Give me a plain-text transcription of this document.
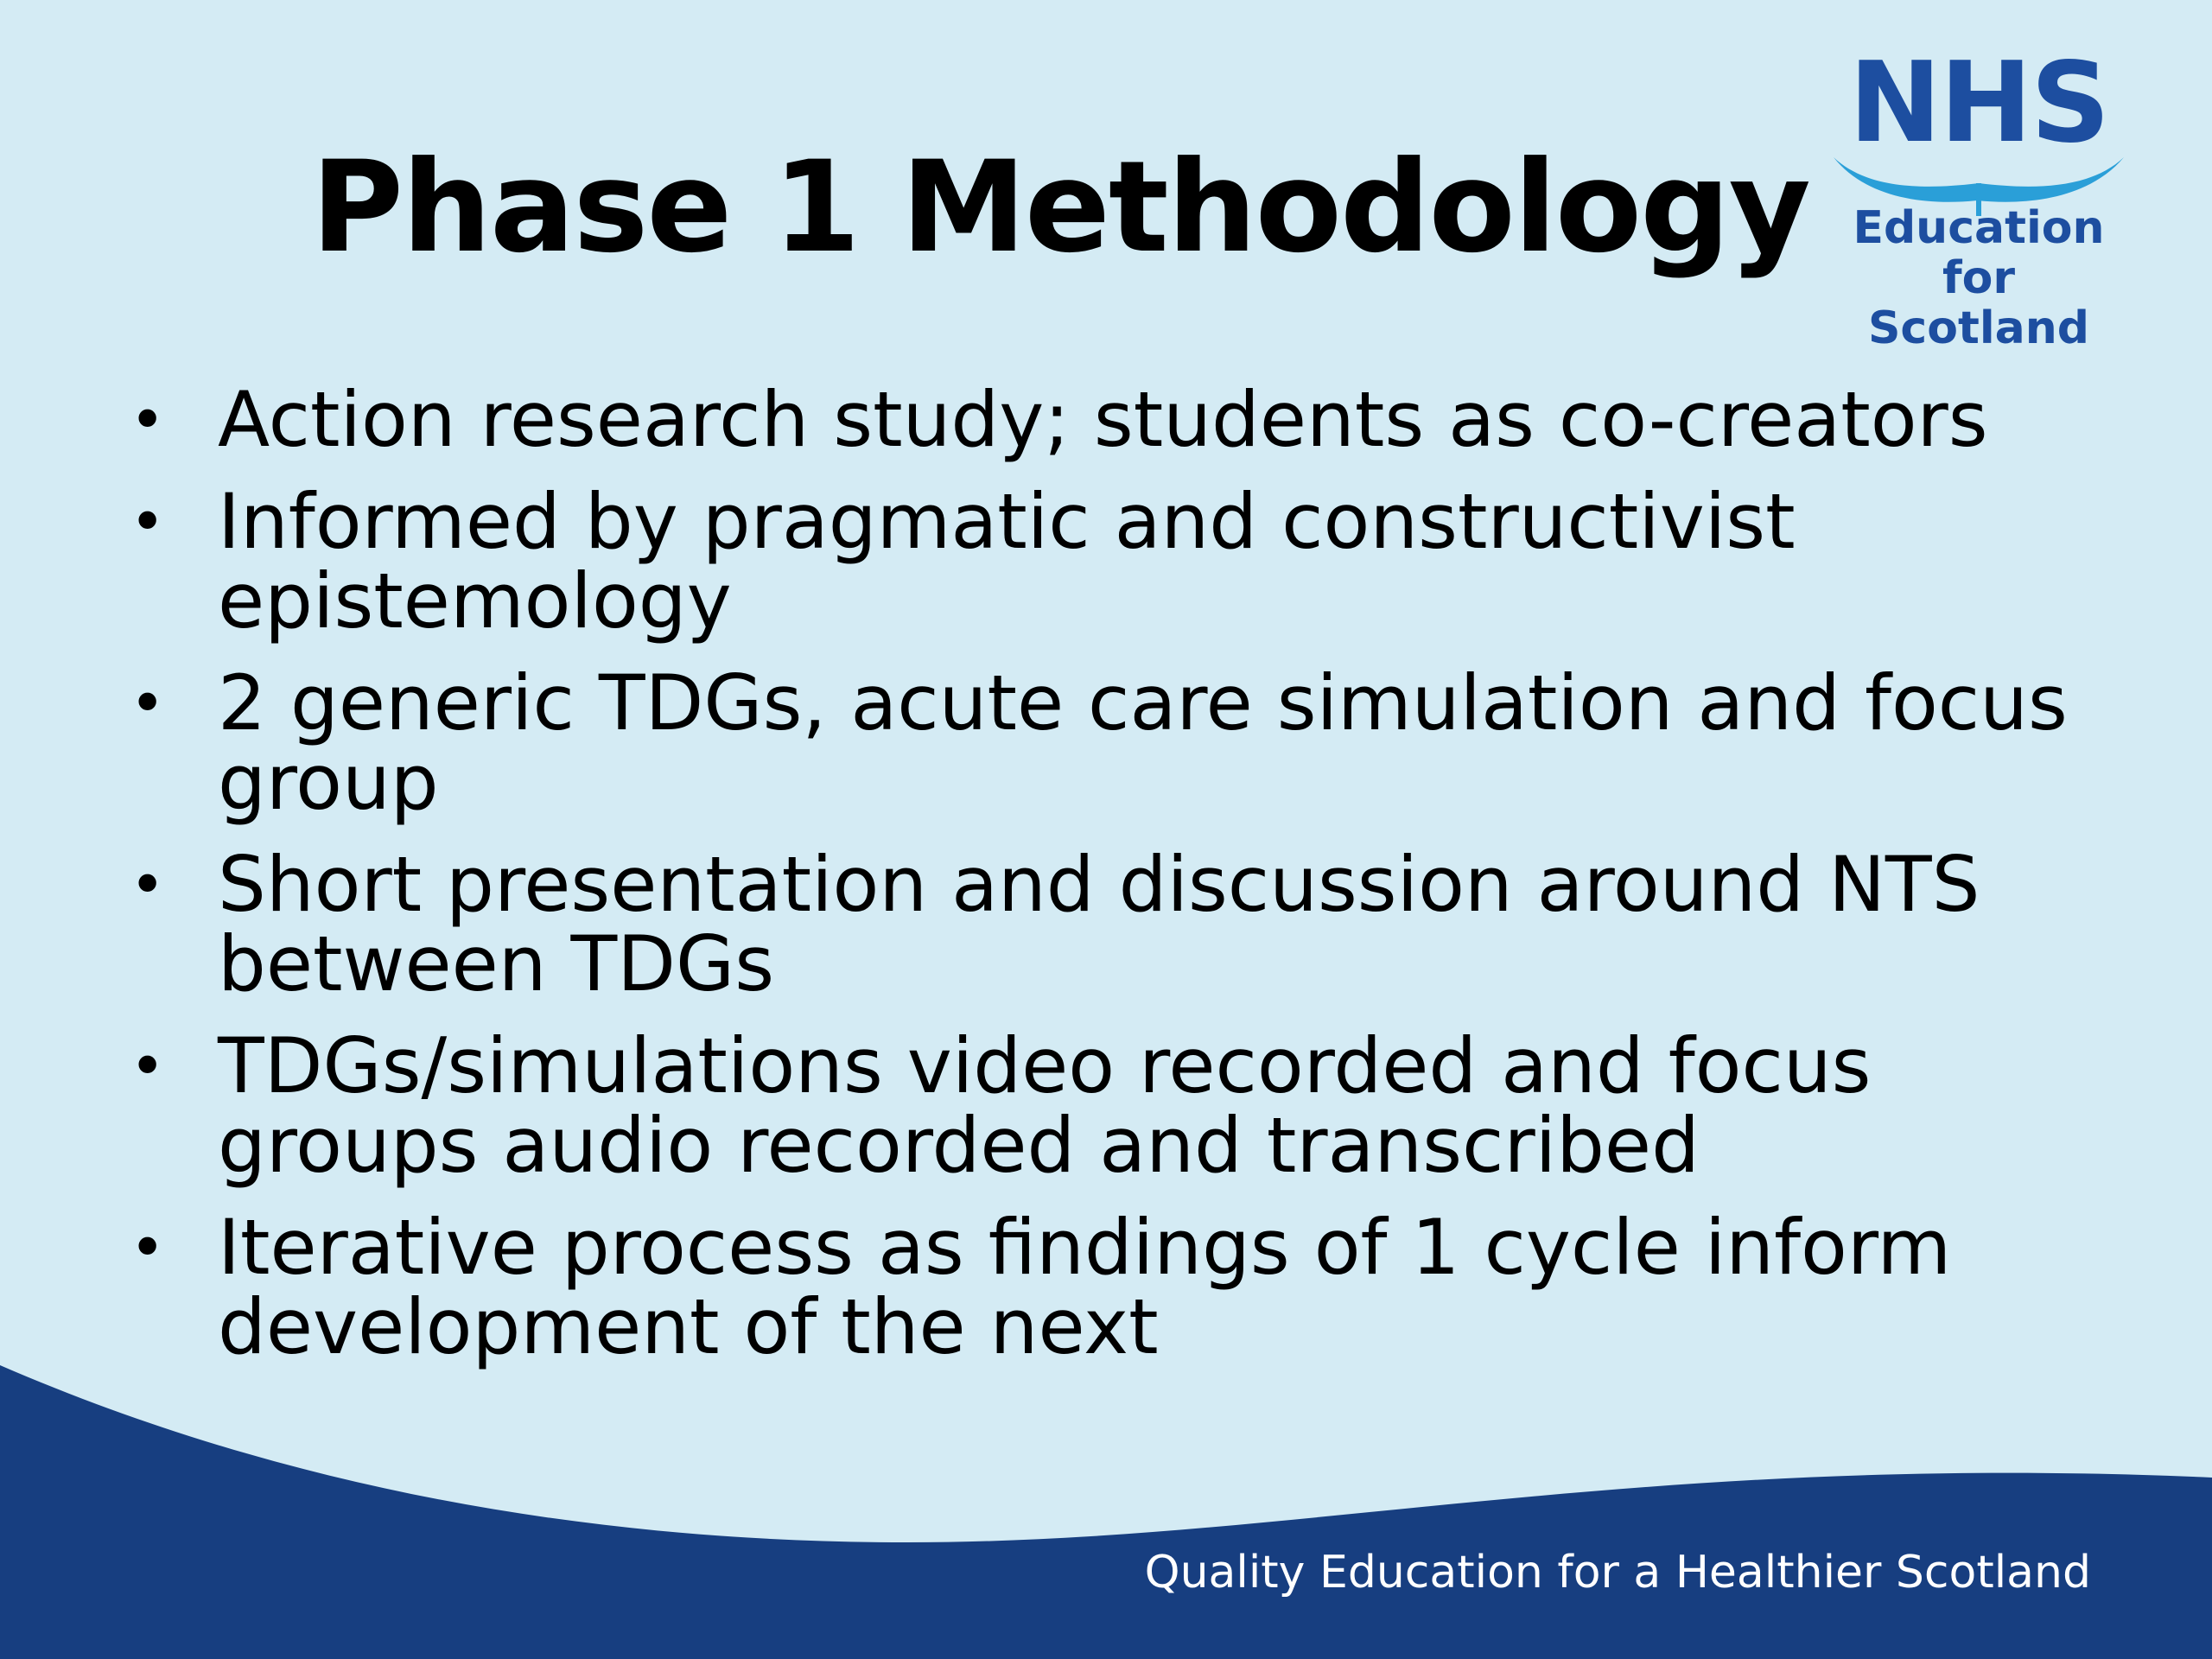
Phase 1 Methodology
NHS
Education
for
Scotland
• Action research study; students as co-creators
• Informed by pragmatic and constructivist epistemology
• 2 generic TDGs, acute care simulation and focus group
• Short presentation and discussion around NTS between TDGs
• TDGs/simulations video recorded and focus groups audio recorded and transcribed
• Iterative process as findings of 1 cycle inform development of the next
Quality Education for a Healthier Scotland
